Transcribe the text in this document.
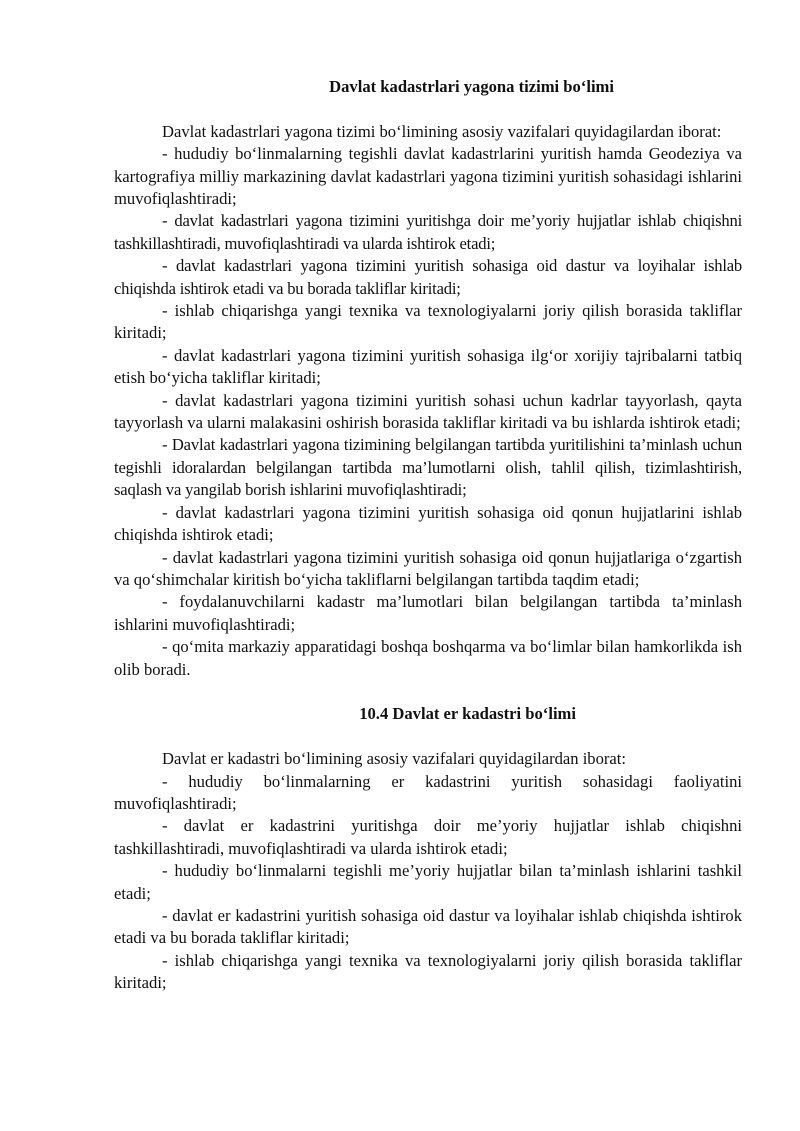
Davlat kadastrlari yagona tizimi bo‘limi

Davlat kadastrlari yagona tizimi bo‘limining asosiy vazifalari quyidagilardan iborat:

- hududiy bo‘linmalarning tegishli davlat kadastrlarini yuritish hamda Geodeziya va kartografiya milliy markazining davlat kadastrlari yagona tizimini yuritish sohasidagi ishlarini muvofiqlashtiradi;

- davlat kadastrlari yagona tizimini yuritishga doir me’yoriy hujjatlar ishlab chiqishni tashkillashtiradi, muvofiqlashtiradi va ularda ishtirok etadi;

- davlat kadastrlari yagona tizimini yuritish sohasiga oid dastur va loyihalar ishlab chiqishda ishtirok etadi va bu borada takliflar kiritadi;

- ishlab chiqarishga yangi texnika va texnologiyalarni joriy qilish borasida takliflar kiritadi;

- davlat kadastrlari yagona tizimini yuritish sohasiga ilg‘or xorijiy tajribalarni tatbiq etish bo‘yicha takliflar kiritadi;

- davlat kadastrlari yagona tizimini yuritish sohasi uchun kadrlar tayyorlash, qayta tayyorlash va ularni malakasini oshirish borasida takliflar kiritadi va bu ishlarda ishtirok etadi;

- Davlat kadastrlari yagona tizimining belgilangan tartibda yuritilishini ta’minlash uchun tegishli idoralardan belgilangan tartibda ma’lumotlarni olish, tahlil qilish, tizimlashtirish, saqlash va yangilab borish ishlarini muvofiqlashtiradi;

- davlat kadastrlari yagona tizimini yuritish sohasiga oid qonun hujjatlarini ishlab chiqishda ishtirok etadi;

- davlat kadastrlari yagona tizimini yuritish sohasiga oid qonun hujjatlariga o‘zgartish va qo‘shimchalar kiritish bo‘yicha takliflarni belgilangan tartibda taqdim etadi;

- foydalanuvchilarni kadastr ma’lumotlari bilan belgilangan tartibda ta’minlash ishlarini muvofiqlashtiradi;

- qo‘mita markaziy apparatidagi boshqa boshqarma va bo‘limlar bilan hamkorlikda ish olib boradi.

10.4 Davlat er kadastri bo‘limi

Davlat er kadastri bo‘limining asosiy vazifalari quyidagilardan iborat:

- hududiy bo‘linmalarning er kadastrini yuritish sohasidagi faoliyatini muvofiqlashtiradi;

- davlat er kadastrini yuritishga doir me’yoriy hujjatlar ishlab chiqishni tashkillashtiradi, muvofiqlashtiradi va ularda ishtirok etadi;

- hududiy bo‘linmalarni tegishli me’yoriy hujjatlar bilan ta’minlash ishlarini tashkil etadi;

- davlat er kadastrini yuritish sohasiga oid dastur va loyihalar ishlab chiqishda ishtirok etadi va bu borada takliflar kiritadi;

- ishlab chiqarishga yangi texnika va texnologiyalarni joriy qilish borasida takliflar kiritadi;
